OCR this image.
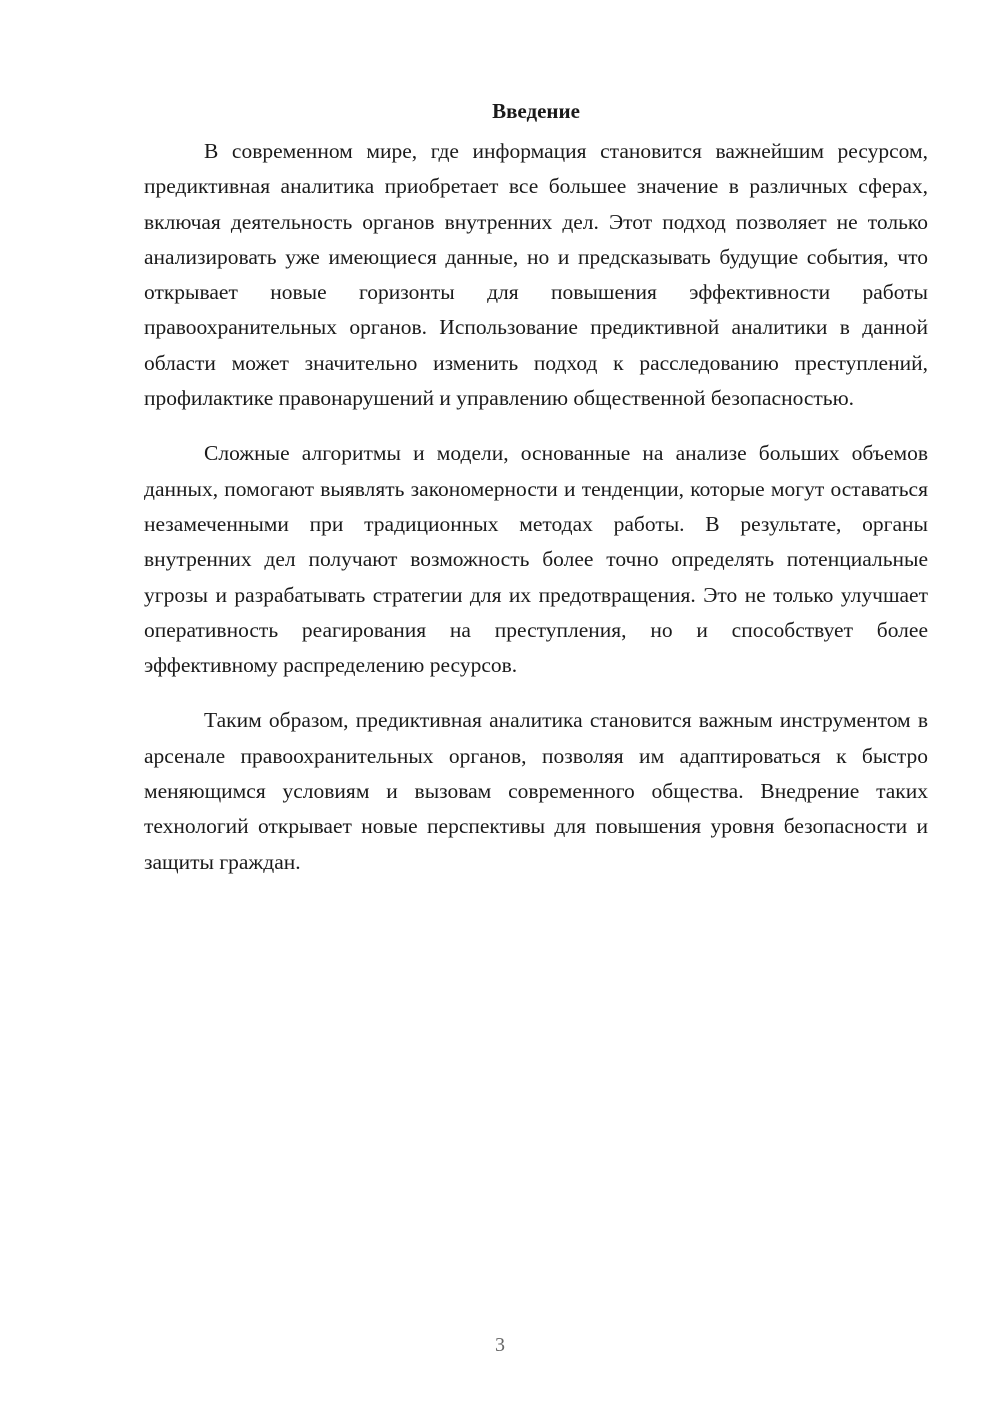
Введение

В современном мире, где информация становится важнейшим ресурсом, предиктивная аналитика приобретает все большее значение в различных сферах, включая деятельность органов внутренних дел. Этот подход позволяет не только анализировать уже имеющиеся данные, но и предсказывать будущие события, что открывает новые горизонты для повышения эффективности работы правоохранительных органов. Использование предиктивной аналитики в данной области может значительно изменить подход к расследованию преступлений, профилактике правонарушений и управлению общественной безопасностью.

Сложные алгоритмы и модели, основанные на анализе больших объемов данных, помогают выявлять закономерности и тенденции, которые могут оставаться незамеченными при традиционных методах работы. В результате, органы внутренних дел получают возможность более точно определять потенциальные угрозы и разрабатывать стратегии для их предотвращения. Это не только улучшает оперативность реагирования на преступления, но и способствует более эффективному распределению ресурсов.

Таким образом, предиктивная аналитика становится важным инструментом в арсенале правоохранительных органов, позволяя им адаптироваться к быстро меняющимся условиям и вызовам современного общества. Внедрение таких технологий открывает новые перспективы для повышения уровня безопасности и защиты граждан.

3
